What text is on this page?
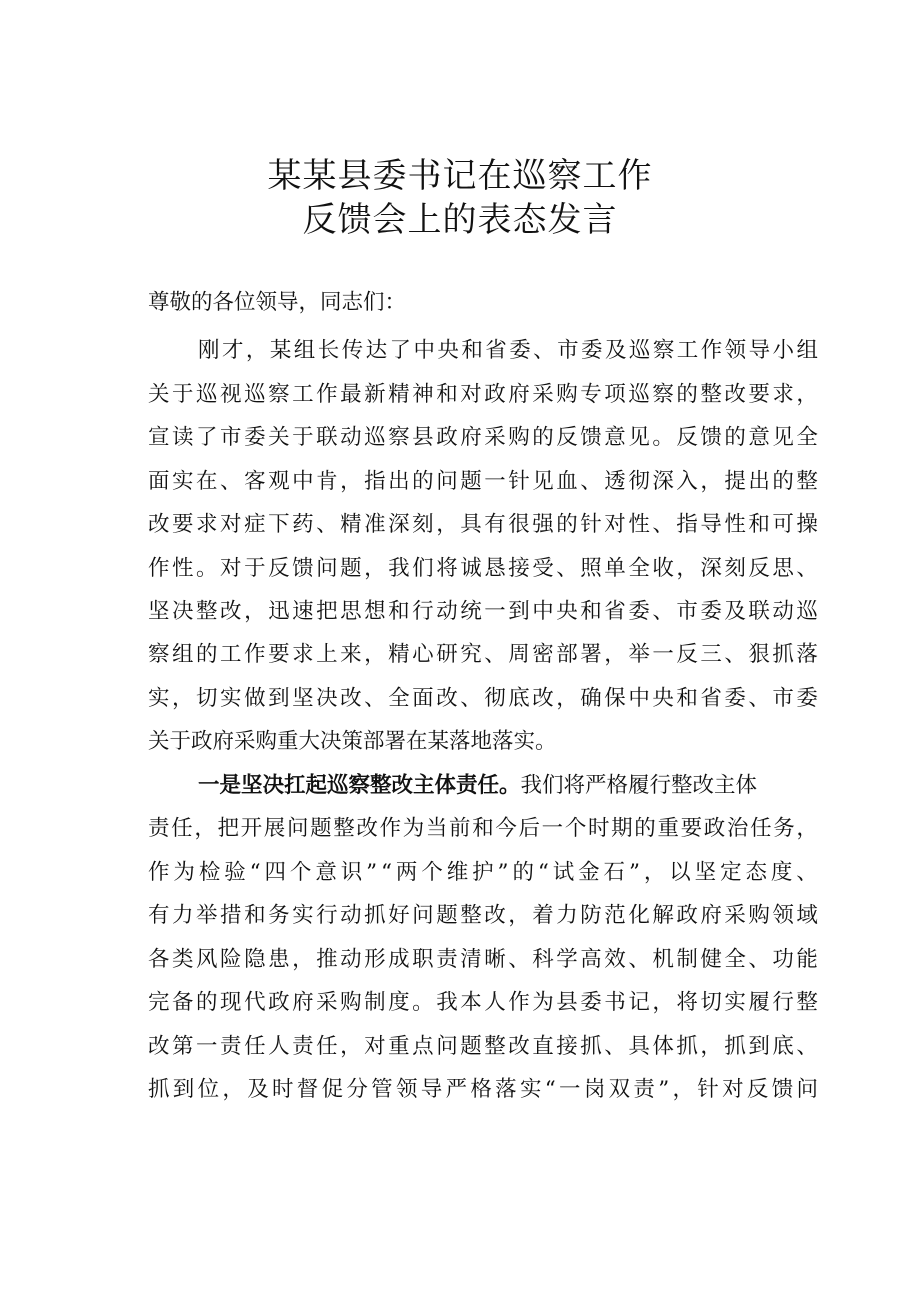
某某县委书记在巡察工作
反馈会上的表态发言
尊敬的各位领导，同志们：
刚 才 ， 某 组 长 传 达 了 中 央 和 省 委 、 市 委 及 巡 察 工 作 领 导 小 组
关 于 巡 视 巡 察 工 作 最 新 精 神 和 对 政 府 采 购 专 项 巡 察 的 整 改 要 求 ，
宣 读 了 市 委 关 于 联 动 巡 察 县 政 府 采 购 的 反 馈 意 见 。 反 馈 的 意 见 全
面 实 在 、 客 观 中 肯 ， 指 出 的 问 题 一 针 见 血 、 透 彻 深 入 ， 提 出 的 整
改 要 求 对 症 下 药 、 精 准 深 刻 ， 具 有 很 强 的 针 对 性 、 指 导 性 和 可 操
作 性 。 对 于 反 馈 问 题 ， 我 们 将 诚 恳 接 受 、 照 单 全 收 ， 深 刻 反 思 、
坚 决 整 改 ， 迅 速 把 思 想 和 行 动 统 一 到 中 央 和 省 委 、 市 委 及 联 动 巡
察 组 的 工 作 要 求 上 来 ， 精 心 研 究 、 周 密 部 署 ， 举 一 反 三 、 狠 抓 落
实 ， 切 实 做 到 坚 决 改 、 全 面 改 、 彻 底 改 ， 确 保 中 央 和 省 委 、 市 委
关于政府采购重大决策部署在某落地落实。
一是坚决扛起巡察整改主体责任。我们将严格履行整改主体
责 任 ， 把 开 展 问 题 整 改 作 为 当 前 和 今 后 一 个 时 期 的 重 要 政 治 任 务 ，
作 为 检 验 “ 四 个 意 识 ” “ 两 个 维 护 ” 的 “ 试 金 石 ” ， 以 坚 定 态 度 、
有 力 举 措 和 务 实 行 动 抓 好 问 题 整 改 ， 着 力 防 范 化 解 政 府 采 购 领 域
各 类 风 险 隐 患 ， 推 动 形 成 职 责 清 晰 、 科 学 高 效 、 机 制 健 全 、 功 能
完 备 的 现 代 政 府 采 购 制 度 。 我 本 人 作 为 县 委 书 记 ， 将 切 实 履 行 整
改 第 一 责 任 人 责 任 ， 对 重 点 问 题 整 改 直 接 抓 、 具 体 抓 ， 抓 到 底 、
抓 到 位 ， 及 时 督 促 分 管 领 导 严 格 落 实 “ 一 岗 双 责 ” ， 针 对 反 馈 问
